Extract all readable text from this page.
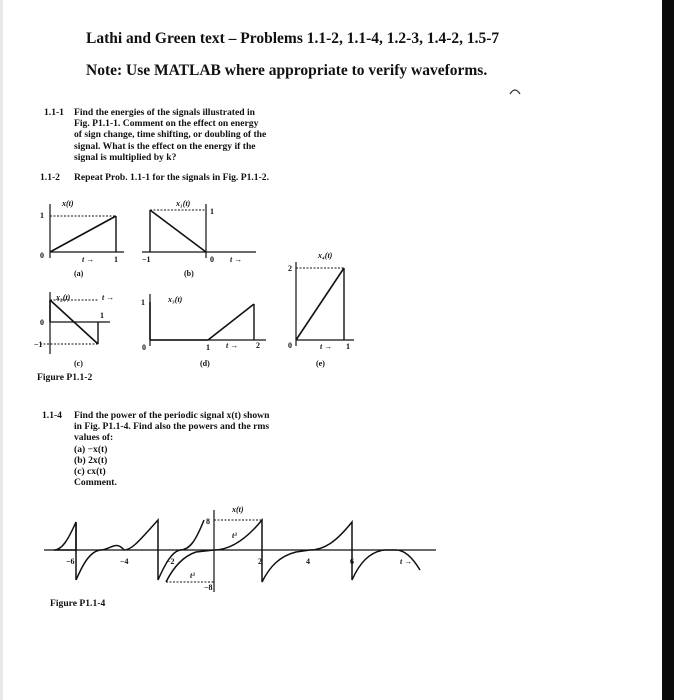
Lathi and Green text – Problems 1.1-2, 1.1-4, 1.2-3, 1.4-2, 1.5-7
Note: Use MATLAB where appropriate to verify waveforms.
1.1-1 Find the energies of the signals illustrated in
Fig. P1.1-1. Comment on the effect on energy
of sign change, time shifting, or doubling of the
signal. What is the effect on the energy if the
signal is multiplied by k?
1.1-2 Repeat Prob. 1.1-1 for the signals in Fig. P1.1-2.
x(t)
1
0	1
t →
(a)
x₁(t)
1
−1	0 t →
(b)
x₄(t)
2
0	1
t →
(e)
x₂(t)	t →
0
1
−1
(c)
x₃(t)
1
0	1 t → 2
(d)
Figure P1.1-2
1.1-4 Find the power of the periodic signal x(t) shown
in Fig. P1.1-4. Find also the powers and the rms
values of:
(a) −x(t)
(b) 2x(t)
(c) cx(t)
Comment.
x(t)
8
−8
t³
t³
−6	−4	−2	2	4	6	t →
Figure P1.1-4
